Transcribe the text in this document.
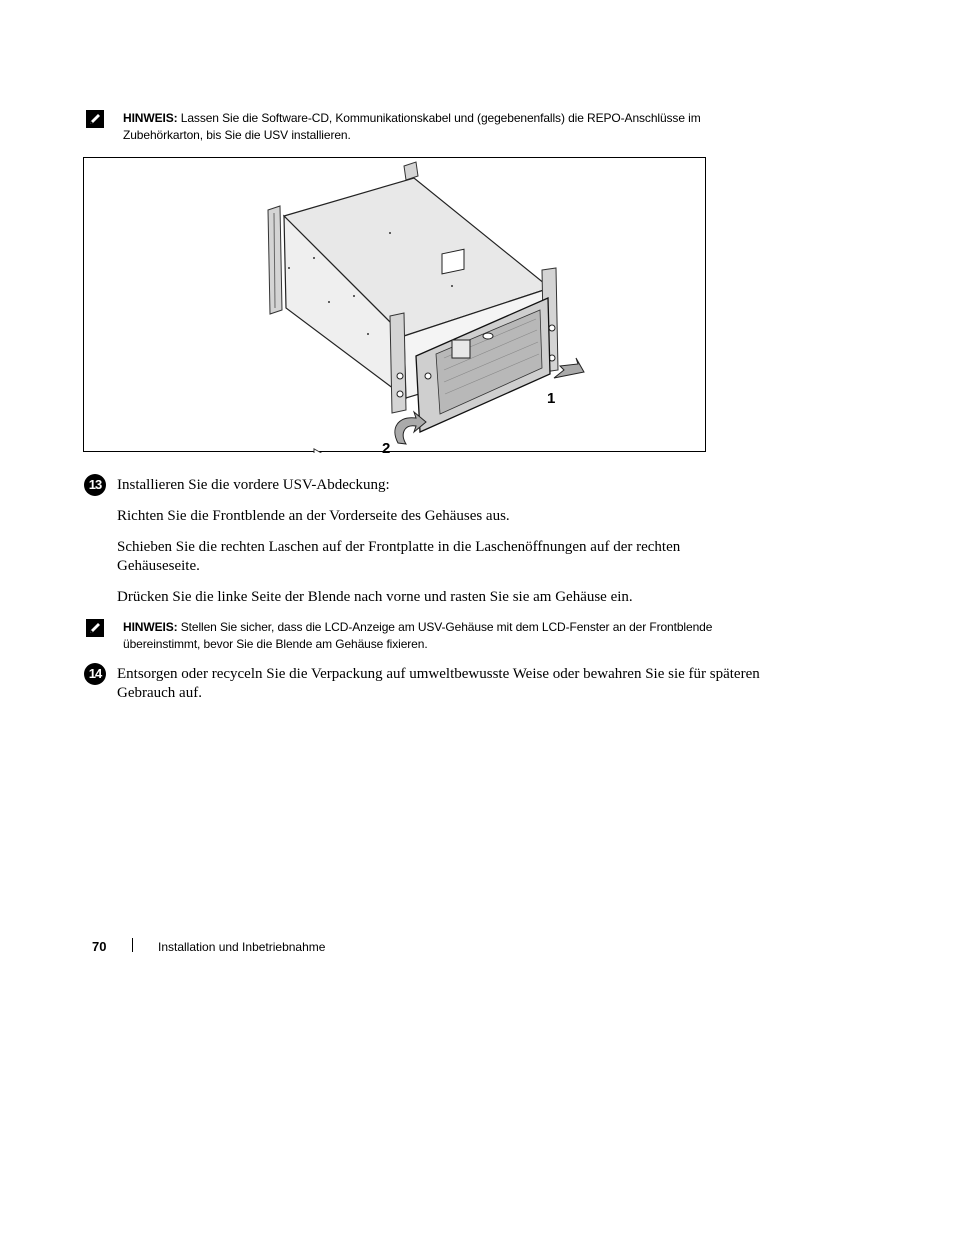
HINWEIS: Lassen Sie die Software-CD, Kommunikationskabel und (gegebenenfalls) die REPO-Anschlüsse im Zubehörkarton, bis Sie die USV installieren.
1
2
13	Installieren Sie die vordere USV-Abdeckung:
Richten Sie die Frontblende an der Vorderseite des Gehäuses aus.
Schieben Sie die rechten Laschen auf der Frontplatte in die Laschenöffnungen auf der rechten Gehäuseseite.
Drücken Sie die linke Seite der Blende nach vorne und rasten Sie sie am Gehäuse ein.
HINWEIS: Stellen Sie sicher, dass die LCD-Anzeige am USV-Gehäuse mit dem LCD-Fenster an der Frontblende übereinstimmt, bevor Sie die Blende am Gehäuse fixieren.
14	Entsorgen oder recyceln Sie die Verpackung auf umweltbewusste Weise oder bewahren Sie sie für späteren Gebrauch auf.
70	Installation und Inbetriebnahme
